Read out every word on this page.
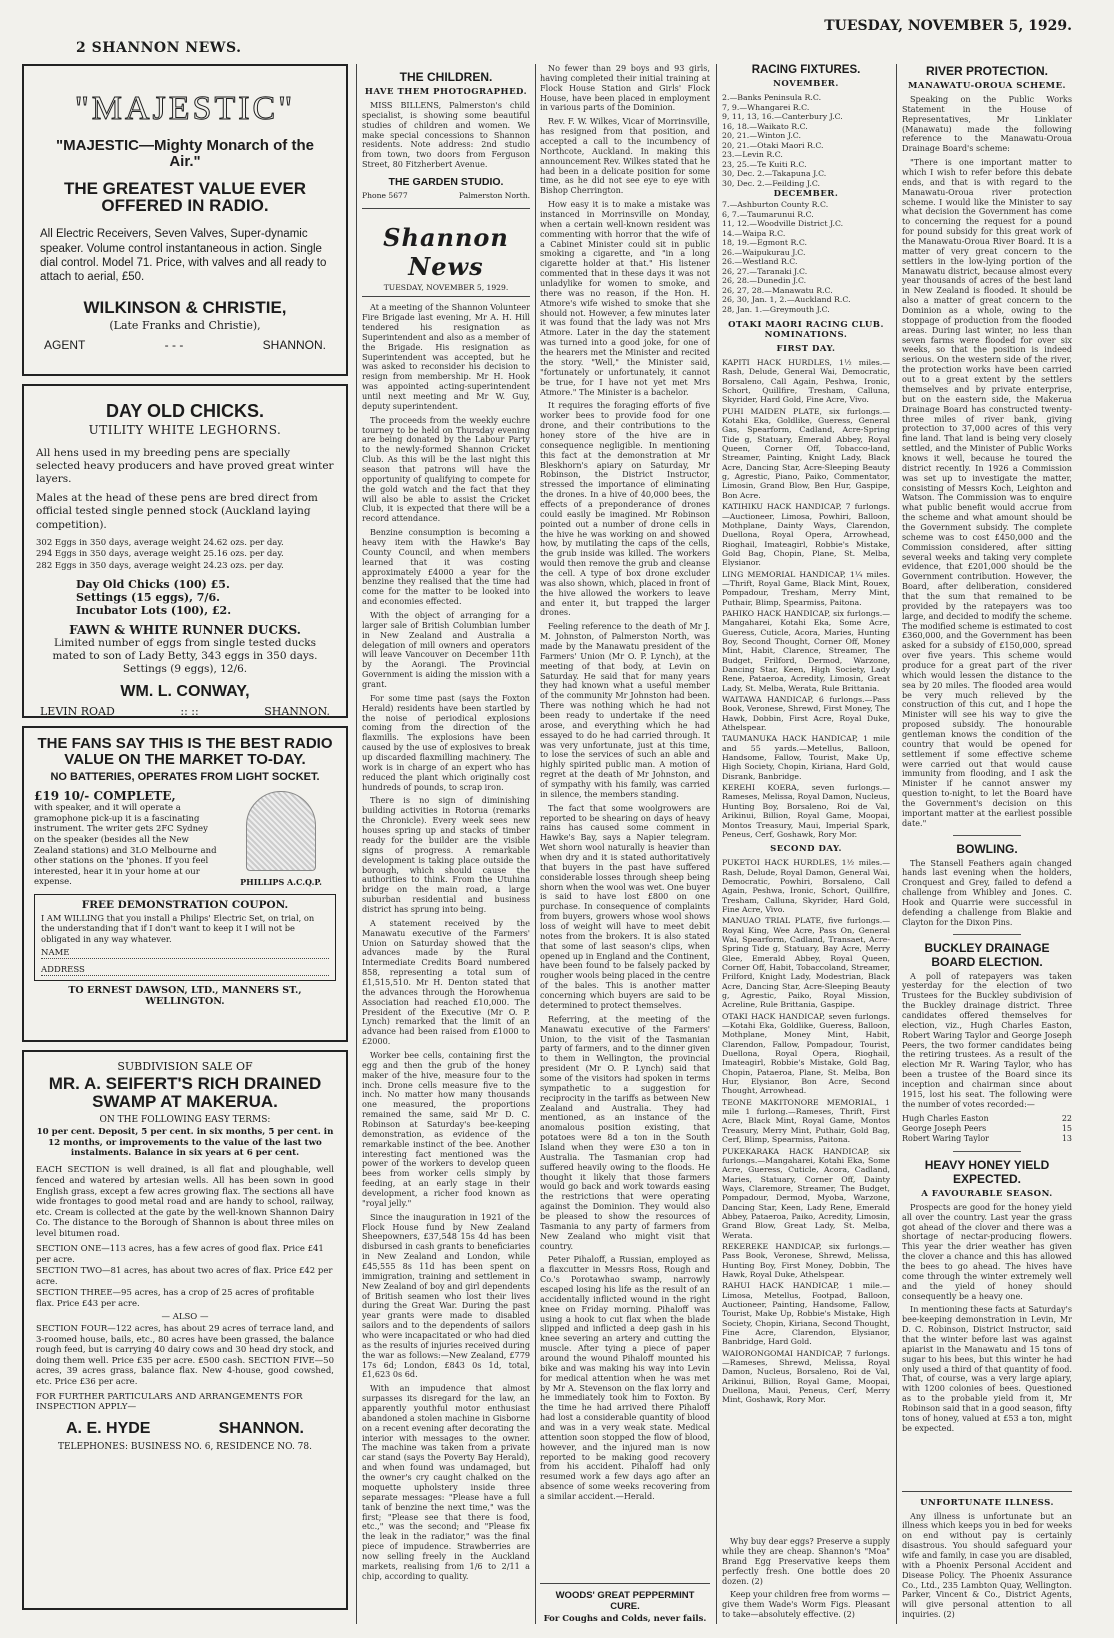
2 SHANNON NEWS.
TUESDAY, NOVEMBER 5, 1929.
"MAJESTIC"
"MAJESTIC—Mighty Monarch of the Air."
THE GREATEST VALUE EVER OFFERED IN RADIO.
All Electric Receivers, Seven Valves, Super-dynamic speaker. Volume control instantaneous in action. Single dial control. Model 71. Price, with valves and all ready to attach to aerial, £50.
WILKINSON & CHRISTIE,
(Late Franks and Christie),
AGENT	- - -	SHANNON.
DAY OLD CHICKS.
UTILITY WHITE LEGHORNS.
All hens used in my breeding pens are specially selected heavy producers and have proved great winter layers.
Males at the head of these pens are bred direct from official tested single penned stock (Auckland laying competition).
302 Eggs in 350 days, average weight 24.62 ozs. per day.
294 Eggs in 350 days, average weight 25.16 ozs. per day.
282 Eggs in 350 days, average weight 24.23 ozs. per day.
Day Old Chicks (100) £5.
Settings (15 eggs), 7/6.
Incubator Lots (100), £2.
FAWN & WHITE RUNNER DUCKS.
Limited number of eggs from single tested ducks mated to son of Lady Betty, 343 eggs in 350 days. Settings (9 eggs), 12/6.
WM. L. CONWAY,
LEVIN ROAD	:: ::	SHANNON.
THE FANS SAY THIS IS THE BEST RADIO VALUE ON THE MARKET TO-DAY.
NO BATTERIES, OPERATES FROM LIGHT SOCKET.
£19 10/- COMPLETE,
with speaker, and it will operate a gramophone pick-up it is a fascinating instrument. The writer gets 2FC Sydney on the speaker (besides all the New Zealand stations) and 3LO Melbourne and other stations on the 'phones. If you feel interested, hear it in your home at our expense.	PHILLIPS A.C.Q.P.
FREE DEMONSTRATION COUPON.
I AM WILLING that you install a Philips' Electric Set, on trial, on the understanding that if I don't want to keep it I will not be obligated in any way whatever.
NAME
ADDRESS
TO ERNEST DAWSON, LTD., MANNERS ST., WELLINGTON.
SUBDIVISION SALE OF
MR. A. SEIFERT'S RICH DRAINED SWAMP AT MAKERUA.
ON THE FOLLOWING EASY TERMS:
10 per cent. Deposit, 5 per cent. in six months, 5 per cent. in 12 months, or improvements to the value of the last two instalments. Balance in six years at 6 per cent.
EACH SECTION is well drained, is all flat and ploughable, well fenced and watered by artesian wells. All has been sown in good English grass, except a few acres growing flax. The sections all have wide frontages to good metal road and are handy to school, railway, etc. Cream is collected at the gate by the well-known Shannon Dairy Co. The distance to the Borough of Shannon is about three miles on level bitumen road.
SECTION ONE—113 acres, has a few acres of good flax. Price £41 per acre.
SECTION TWO—81 acres, has about two acres of flax. Price £42 per acre.
SECTION THREE—95 acres, has a crop of 25 acres of profitable flax. Price £43 per acre.
— ALSO —
SECTION FOUR—122 acres, has about 29 acres of terrace land, and 3-roomed house, bails, etc., 80 acres have been grassed, the balance rough feed, but is carrying 40 dairy cows and 30 head dry stock, and doing them well. Price £35 per acre. £500 cash. SECTION FIVE—50 acres, 39 acres grass, balance flax. New 4-house, good cowshed, etc. Price £36 per acre.
FOR FURTHER PARTICULARS AND ARRANGEMENTS FOR INSPECTION APPLY—
A. E. HYDE	SHANNON.
TELEPHONES: BUSINESS NO. 6, RESIDENCE NO. 78.
THE CHILDREN.
HAVE THEM PHOTOGRAPHED.
MISS BILLENS, Palmerston's child specialist, is showing some beautiful studies of children and women. We make special concessions to Shannon residents. Note address: 2nd studio from town, two doors from Ferguson Street, 80 Fitzherbert Avenue.
THE GARDEN STUDIO.
Phone 5677	Palmerston North.
Shannon News
TUESDAY, NOVEMBER 5, 1929.
At a meeting of the Shannon Volunteer Fire Brigade last evening, Mr A. H. Hill tendered his resignation as Superintendent and also as a member of the Brigade. His resignation as Superintendent was accepted, but he was asked to reconsider his decision to resign from membership. Mr H. Hook was appointed acting-superintendent until next meeting and Mr W. Guy, deputy superintendent.
The proceeds from the weekly euchre tourney to be held on Thursday evening are being donated by the Labour Party to the newly-formed Shannon Cricket Club. As this will be the last night this season that patrons will have the opportunity of qualifying to compete for the gold watch and the fact that they will also be able to assist the Cricket Club, it is expected that there will be a record attendance.
Benzine consumption is becoming a heavy item with the Hawke's Bay County Council, and when members learned that it was costing approximately £4000 a year for the benzine they realised that the time had come for the matter to be looked into and economies effected.
With the object of arranging for a larger sale of British Columbian lumber in New Zealand and Australia a delegation of mill owners and operators will leave Vancouver on December 11th by the Aorangi. The Provincial Government is aiding the mission with a grant.
For some time past (says the Foxton Herald) residents have been startled by the noise of periodical explosions coming from the direction of the flaxmills. The explosions have been caused by the use of explosives to break up discarded flaxmilling machinery. The work is in charge of an expert who has reduced the plant which originally cost hundreds of pounds, to scrap iron.
There is no sign of diminishing building activities in Rotorua (remarks the Chronicle). Every week sees new houses spring up and stacks of timber ready for the builder are the visible signs of progress. A remarkable development is taking place outside the borough, which should cause the authorities to think. From the Utuhina bridge on the main road, a large suburban residential and business district has sprung into being.
A statement received by the Manawatu executive of the Farmers' Union on Saturday showed that the advances made by the Rural Intermediate Credits Board numbered 858, representing a total sum of £1,515,510. Mr H. Denton stated that the advances through the Horowhenua Association had reached £10,000. The President of the Executive (Mr O. P. Lynch) remarked that the limit of an advance had been raised from £1000 to £2000.
Worker bee cells, containing first the egg and then the grub of the honey maker of the hive, measure four to the inch. Drone cells measure five to the inch. No matter how many thousands one measured, the proportions remained the same, said Mr D. C. Robinson at Saturday's bee-keeping demonstration, as evidence of the remarkable instinct of the bee. Another interesting fact mentioned was the power of the workers to develop queen bees from worker cells simply by feeding, at an early stage in their development, a richer food known as "royal jelly."
Since the inauguration in 1921 of the Flock House fund by New Zealand Sheepowners, £37,548 15s 4d has been disbursed in cash grants to beneficiaries in New Zealand and London, while £45,555 8s 11d has been spent on immigration, training and settlement in New Zealand of boy and girl dependents of British seamen who lost their lives during the Great War. During the past year grants were made to disabled sailors and to the dependents of sailors who were incapacitated or who had died as the results of injuries received during the war as follows:—New Zealand, £779 17s 6d; London, £843 0s 1d, total, £1,623 0s 6d.
With an impudence that almost surpasses its disregard for the law, an apparently youthful motor enthusiast abandoned a stolen machine in Gisborne on a recent evening after decorating the interior with messages to the owner. The machine was taken from a private car stand (says the Poverty Bay Herald), and when found was undamaged, but the owner's cry caught chalked on the moquette upholstery inside three separate messages: "Please have a full tank of benzine the next time," was the first; "Please see that there is food, etc.," was the second; and "Please fix the leak in the radiator," was the final piece of impudence. Strawberries are now selling freely in the Auckland markets, realising from 1/6 to 2/11 a chip, according to quality.
No fewer than 29 boys and 93 girls, having completed their initial training at Flock House Station and Girls' Flock House, have been placed in employment in various parts of the Dominion.
Rev. F. W. Wilkes, Vicar of Morrinsville, has resigned from that position, and accepted a call to the incumbency of Northcote, Auckland. In making this announcement Rev. Wilkes stated that he had been in a delicate position for some time, as he did not see eye to eye with Bishop Cherrington.
How easy it is to make a mistake was instanced in Morrinsville on Monday, when a certain well-known resident was commenting with horror that the wife of a Cabinet Minister could sit in public smoking a cigarette, and "in a long cigarette holder at that." His listener commented that in these days it was not unladylike for women to smoke, and there was no reason, if the Hon. H. Atmore's wife wished to smoke that she should not. However, a few minutes later it was found that the lady was not Mrs Atmore. Later in the day the statement was turned into a good joke, for one of the hearers met the Minister and recited the story. "Well," the Minister said, "fortunately or unfortunately, it cannot be true, for I have not yet met Mrs Atmore." The Minister is a bachelor.
It requires the foraging efforts of five worker bees to provide food for one drone, and their contributions to the honey store of the hive are in consequence negligible. In mentioning this fact at the demonstration at Mr Bleskhorn's apiary on Saturday, Mr Robinson, the District Instructor, stressed the importance of eliminating the drones. In a hive of 40,000 bees, the effects of a preponderance of drones could easily be imagined. Mr Robinson pointed out a number of drone cells in the hive he was working on and showed how, by mutilating the caps of the cells, the grub inside was killed. The workers would then remove the grub and cleanse the cell. A type of box drone excluder was also shown, which, placed in front of the hive allowed the workers to leave and enter it, but trapped the larger drones.
Feeling reference to the death of Mr J. M. Johnston, of Palmerston North, was made by the Manawatu president of the Farmers' Union (Mr O. P. Lynch), at the meeting of that body, at Levin on Saturday. He said that for many years they had known what a useful member of the community Mr Johnston had been. There was nothing which he had not been ready to undertake if the need arose, and everything which he had essayed to do he had carried through. It was very unfortunate, just at this time, to lose the services of such an able and highly spirited public man. A motion of regret at the death of Mr Johnston, and of sympathy with his family, was carried in silence, the members standing.
The fact that some woolgrowers are reported to be shearing on days of heavy rains has caused some comment in Hawke's Bay, says a Napier telegram. Wet shorn wool naturally is heavier than when dry and it is stated authoritatively that buyers in the past have suffered considerable losses through sheep being shorn when the wool was wet. One buyer is said to have lost £800 on one purchase. In consequence of complaints from buyers, growers whose wool shows loss of weight will have to meet debit notes from the brokers. It is also stated that some of last season's clips, when opened up in England and the Continent, have been found to be falsely packed by rougher wools being placed in the centre of the bales. This is another matter concerning which buyers are said to be determined to protect themselves.
Referring, at the meeting of the Manawatu executive of the Farmers' Union, to the visit of the Tasmanian party of farmers, and to the dinner given to them in Wellington, the provincial president (Mr O. P. Lynch) said that some of the visitors had spoken in terms sympathetic to a suggestion for reciprocity in the tariffs as between New Zealand and Australia. They had mentioned, as an instance of the anomalous position existing, that potatoes were 8d a ton in the South Island when they were £30 a ton in Australia. The Tasmanian crop had suffered heavily owing to the floods. He thought it likely that those farmers would go back and work towards easing the restrictions that were operating against the Dominion. They would also be pleased to show the resources of Tasmania to any party of farmers from New Zealand who might visit that country.
Peter Pihaloff, a Russian, employed as a flaxcutter in Messrs Ross, Rough and Co.'s Porotawhao swamp, narrowly escaped losing his life as the result of an accidentally inflicted wound in the right knee on Friday morning. Pihaloff was using a hook to cut flax when the blade slipped and inflicted a deep gash in his knee severing an artery and cutting the muscle. After tying a piece of paper around the wound Pihaloff mounted his bike and was making his way into Levin for medical attention when he was met by Mr A. Stevenson on the flax lorry and he immediately took him to Foxton. By the time he had arrived there Pihaloff had lost a considerable quantity of blood and was in a very weak state. Medical attention soon stopped the flow of blood, however, and the injured man is now reported to be making good recovery from his accident. Pihaloff had only resumed work a few days ago after an absence of some weeks recovering from a similar accident.—Herald.
WOODS' GREAT PEPPERMINT CURE.
For Coughs and Colds, never fails.
RACING FIXTURES.
NOVEMBER.
2.—Banks Peninsula R.C.
7, 9.—Whangarei R.C.
9, 11, 13, 16.—Canterbury J.C.
16, 18.—Waikato R.C.
20, 21.—Winton J.C.
20, 21.—Otaki Maori R.C.
23.—Levin R.C.
23, 25.—Te Kuiti R.C.
30, Dec. 2.—Takapuna J.C.
30, Dec. 2.—Feilding J.C.
DECEMBER.
7.—Ashburton County R.C.
6, 7.—Taumarunui R.C.
11, 12.—Woodville District J.C.
14.—Waipa R.C.
18, 19.—Egmont R.C.
26.—Waipukurau J.C.
26.—Westland R.C.
26, 27.—Taranaki J.C.
26, 28.—Dunedin J.C.
26, 27, 28.—Manawatu R.C.
26, 30, Jan. 1, 2.—Auckland R.C.
28, Jan. 1.—Greymouth J.C.
OTAKI MAORI RACING CLUB. NOMINATIONS.
FIRST DAY.
KAPITI HACK HURDLES, 1½ miles.—Rash, Delude, General Wai, Democratic, Borsaleno, Call Again, Peshwa, Ironic, Schort, Quillfire, Tresham, Calluna, Skyrider, Hard Gold, Fine Acre, Vivo.
PUHI MAIDEN PLATE, six furlongs.—Kotahi Eka, Goldlike, Gueress, General Gas, Spearform, Cadland, Acre-Spring Tide g, Statuary, Emerald Abbey, Royal Queen, Corner Off, Tobacco-land, Streamer, Painting, Knight Lady, Black Acre, Dancing Star, Acre-Sleeping Beauty g, Agrestic, Piano, Paiko, Commentator, Limosin, Grand Blow, Ben Hur, Gaspipe, Bon Acre.
KATIHIKU HACK HANDICAP, 7 furlongs.—Auctioneer, Limosa, Powhiri, Balloon, Mothplane, Dainty Ways, Clarendon, Duellona, Royal Opera, Arrowhead, Rioghail, Imateagirl, Robbie's Mistake, Gold Bag, Chopin, Plane, St. Melba, Elysianor.
LING MEMORIAL HANDICAP, 1¼ miles.—Thrift, Royal Game, Black Mint, Rouex, Pompadour, Tresham, Merry Mint, Puthair, Blimp, Spearmiss, Paitona.
PAHIKO HACK HANDICAP, six furlongs.—Mangaharei, Kotahi Eka, Some Acre, Gueress, Cuticle, Acora, Maries, Hunting Boy, Second Thought, Corner Off, Money Mint, Habit, Clarence, Streamer, The Budget, Frilford, Dermod, Warzone, Dancing Star, Keen, High Society, Lady Rene, Pataeroa, Acredity, Limosin, Great Lady, St. Melba, Werata, Rule Brittania.
WAITAWA HANDICAP, 6 furlongs.—Pass Book, Veronese, Shrewd, First Money, The Hawk, Dobbin, First Acre, Royal Duke, Athelspear.
TAUMANUKA HACK HANDICAP, 1 mile and 55 yards.—Metellus, Balloon, Handsome, Fallow, Tourist, Make Up, High Society, Chopin, Kiriana, Hard Gold, Disrank, Banbridge.
KEREHI KOERA, seven furlongs.—Rameses, Melissa, Royal Damon, Nucleus, Hunting Boy, Borsaleno, Roi de Val, Arikinui, Billion, Royal Game, Moopai, Montos Treasury, Maui, Imperial Spark, Peneus, Cerf, Goshawk, Rory Mor.
SECOND DAY.
PUKETOI HACK HURDLES, 1½ miles.—Rash, Delude, Royal Damon, General Wai, Democratic, Powhiri, Borsaleno, Call Again, Peshwa, Ironic, Schort, Quillfire, Tresham, Calluna, Skyrider, Hard Gold, Fine Acre, Vivo.
MANUAO TRIAL PLATE, five furlongs.—Royal King, Wee Acre, Pass On, General Wai, Spearform, Cadland, Transaet, Acre-Spring Tide g, Statuary, Bay Acre, Merry Glee, Emerald Abbey, Royal Queen, Corner Off, Habit, Tobaccoland, Streamer, Frilford, Knight Lady, Modestrian, Black Acre, Dancing Star, Acre-Sleeping Beauty g, Agrestic, Paiko, Royal Mission, Acreline, Rule Brittania, Gaspipe.
OTAKI HACK HANDICAP, seven furlongs.—Kotahi Eka, Goldlike, Gueress, Balloon, Mothplane, Money Mint, Habit, Clarendon, Fallow, Pompadour, Tourist, Duellona, Royal Opera, Rioghail, Imateagirl, Robbie's Mistake, Gold Bag, Chopin, Pataeroa, Plane, St. Melba, Bon Hur, Elysianor, Bon Acre, Second Thought, Arrowhead.
TEONE MAKITONORE MEMORIAL, 1 mile 1 furlong.—Rameses, Thrift, First Acre, Black Mint, Royal Game, Montos Treasury, Merry Mint, Puthair, Gold Bag, Cerf, Blimp, Spearmiss, Paitona.
PUKEKARAKA HACK HANDICAP, six furlongs.—Mangaharei, Kotahi Eka, Some Acre, Gueress, Cuticle, Acora, Cadland, Maries, Statuary, Corner Off, Dainty Ways, Claremore, Streamer, The Budget, Pompadour, Dermod, Myoba, Warzone, Dancing Star, Keen, Lady Rene, Emerald Abbey, Pataeroa, Paiko, Acredity, Limosin, Grand Blow, Great Lady, St. Melba, Werata.
REKEREKE HANDICAP, six furlongs.—Pass Book, Veronese, Shrewd, Melissa, Hunting Boy, First Money, Dobbin, The Hawk, Royal Duke, Athelspear.
RAHUI HACK HANDICAP, 1 mile.—Limosa, Metellus, Footpad, Balloon, Auctioneer, Painting, Handsome, Fallow, Tourist, Make Up, Robbie's Mistake, High Society, Chopin, Kiriana, Second Thought, Fine Acre, Clarendon, Elysianor, Banbridge, Hard Gold.
WAIORONGOMAI HANDICAP, 7 furlongs.—Rameses, Shrewd, Melissa, Royal Damon, Nucleus, Borsaleno, Roi de Val, Arikinui, Billion, Royal Game, Moopai, Duellona, Maui, Peneus, Cerf, Merry Mint, Goshawk, Rory Mor.
Why buy dear eggs? Preserve a supply while they are cheap. Shannon's "Moa" Brand Egg Preservative keeps them perfectly fresh. One bottle does 20 dozen. (2)
Keep your children free from worms —give them Wade's Worm Figs. Pleasant to take—absolutely effective. (2)
RIVER PROTECTION.
MANAWATU-OROUA SCHEME.
Speaking on the Public Works Statement in the House of Representatives, Mr Linklater (Manawatu) made the following reference to the Manawatu-Oroua Drainage Board's scheme:
"There is one important matter to which I wish to refer before this debate ends, and that is with regard to the Manawatu-Oroua river protection scheme. I would like the Minister to say what decision the Government has come to concerning the request for a pound for pound subsidy for this great work of the Manawatu-Oroua River Board. It is a matter of very great concern to the settlers in the low-lying portion of the Manawatu district, because almost every year thousands of acres of the best land in New Zealand is flooded. It should be also a matter of great concern to the Dominion as a whole, owing to the stoppage of production from the flooded areas. During last winter, no less than seven farms were flooded for over six weeks, so that the position is indeed serious. On the western side of the river, the protection works have been carried out to a great extent by the settlers themselves and by private enterprise, but on the eastern side, the Makerua Drainage Board has constructed twenty-three miles of river bank, giving protection to 37,000 acres of this very fine land. That land is being very closely settled, and the Minister of Public Works knows it well, because he toured the district recently. In 1926 a Commission was set up to investigate the matter, consisting of Messrs Koch, Leighton and Watson. The Commission was to enquire what public benefit would accrue from the scheme and what amount should be the Government subsidy. The complete scheme was to cost £450,000 and the Commission considered, after sitting several weeks and taking very complete evidence, that £201,000 should be the Government contribution. However, the Board, after deliberation, considered that the sum that remained to be provided by the ratepayers was too large, and decided to modify the scheme. The modified scheme is estimated to cost £360,000, and the Government has been asked for a subsidy of £150,000, spread over five years. This scheme would produce for a great part of the river which would lessen the distance to the sea by 20 miles. The flooded area would be very much relieved by the construction of this cut, and I hope the Minister will see his way to give the proposed subsidy. The honourable gentleman knows the condition of the country that would be opened for settlement if some effective scheme were carried out that would cause immunity from flooding, and I ask the Minister if he cannot answer my question to-night, to let the Board have the Government's decision on this important matter at the earliest possible date."
BOWLING.
The Stansell Feathers again changed hands last evening when the holders, Cronquest and Grey, failed to defend a challenge from Whibley and Jones. C. Hook and Quarrie were successful in defending a challenge from Blakie and Clayton for the Dixon Pins.
BUCKLEY DRAINAGE BOARD ELECTION.
A poll of ratepayers was taken yesterday for the election of two Trustees for the Buckley subdivision of the Buckley drainage district. Three candidates offered themselves for election, viz., Hugh Charles Easton, Robert Waring Taylor and George Joseph Peers, the two former candidates being the retiring trustees. As a result of the election Mr R. Waring Taylor, who has been a trustee of the Board since its inception and chairman since about 1915, lost his seat. The following were the number of votes recorded:—
Hugh Charles Easton	22
George Joseph Peers	15
Robert Waring Taylor	13
HEAVY HONEY YIELD EXPECTED.
A FAVOURABLE SEASON.
Prospects are good for the honey yield all over the country. Last year the grass got ahead of the clover and there was a shortage of nectar-producing flowers. This year the drier weather has given the clover a chance and this has allowed the bees to go ahead. The hives have come through the winter extremely well and the yield of honey should consequently be a heavy one.
In mentioning these facts at Saturday's bee-keeping demonstration in Levin, Mr D. C. Robinson, District Instructor, said that the winter before last was against apiarist in the Manawatu and 15 tons of sugar to his bees, but this winter he had only used a third of that quantity of food. That, of course, was a very large apiary, with 1200 colonies of bees. Questioned as to the probable yield from it, Mr Robinson said that in a good season, fifty tons of honey, valued at £53 a ton, might be expected.
UNFORTUNATE ILLNESS.
Any illness is unfortunate but an illness which keeps you in bed for weeks on end without pay is certainly disastrous. You should safeguard your wife and family, in case you are disabled, with a Phoenix Personal Accident and Disease Policy. The Phoenix Assurance Co., Ltd., 235 Lambton Quay, Wellington. Parker, Vincent & Co., District Agents, will give personal attention to all inquiries. (2)
